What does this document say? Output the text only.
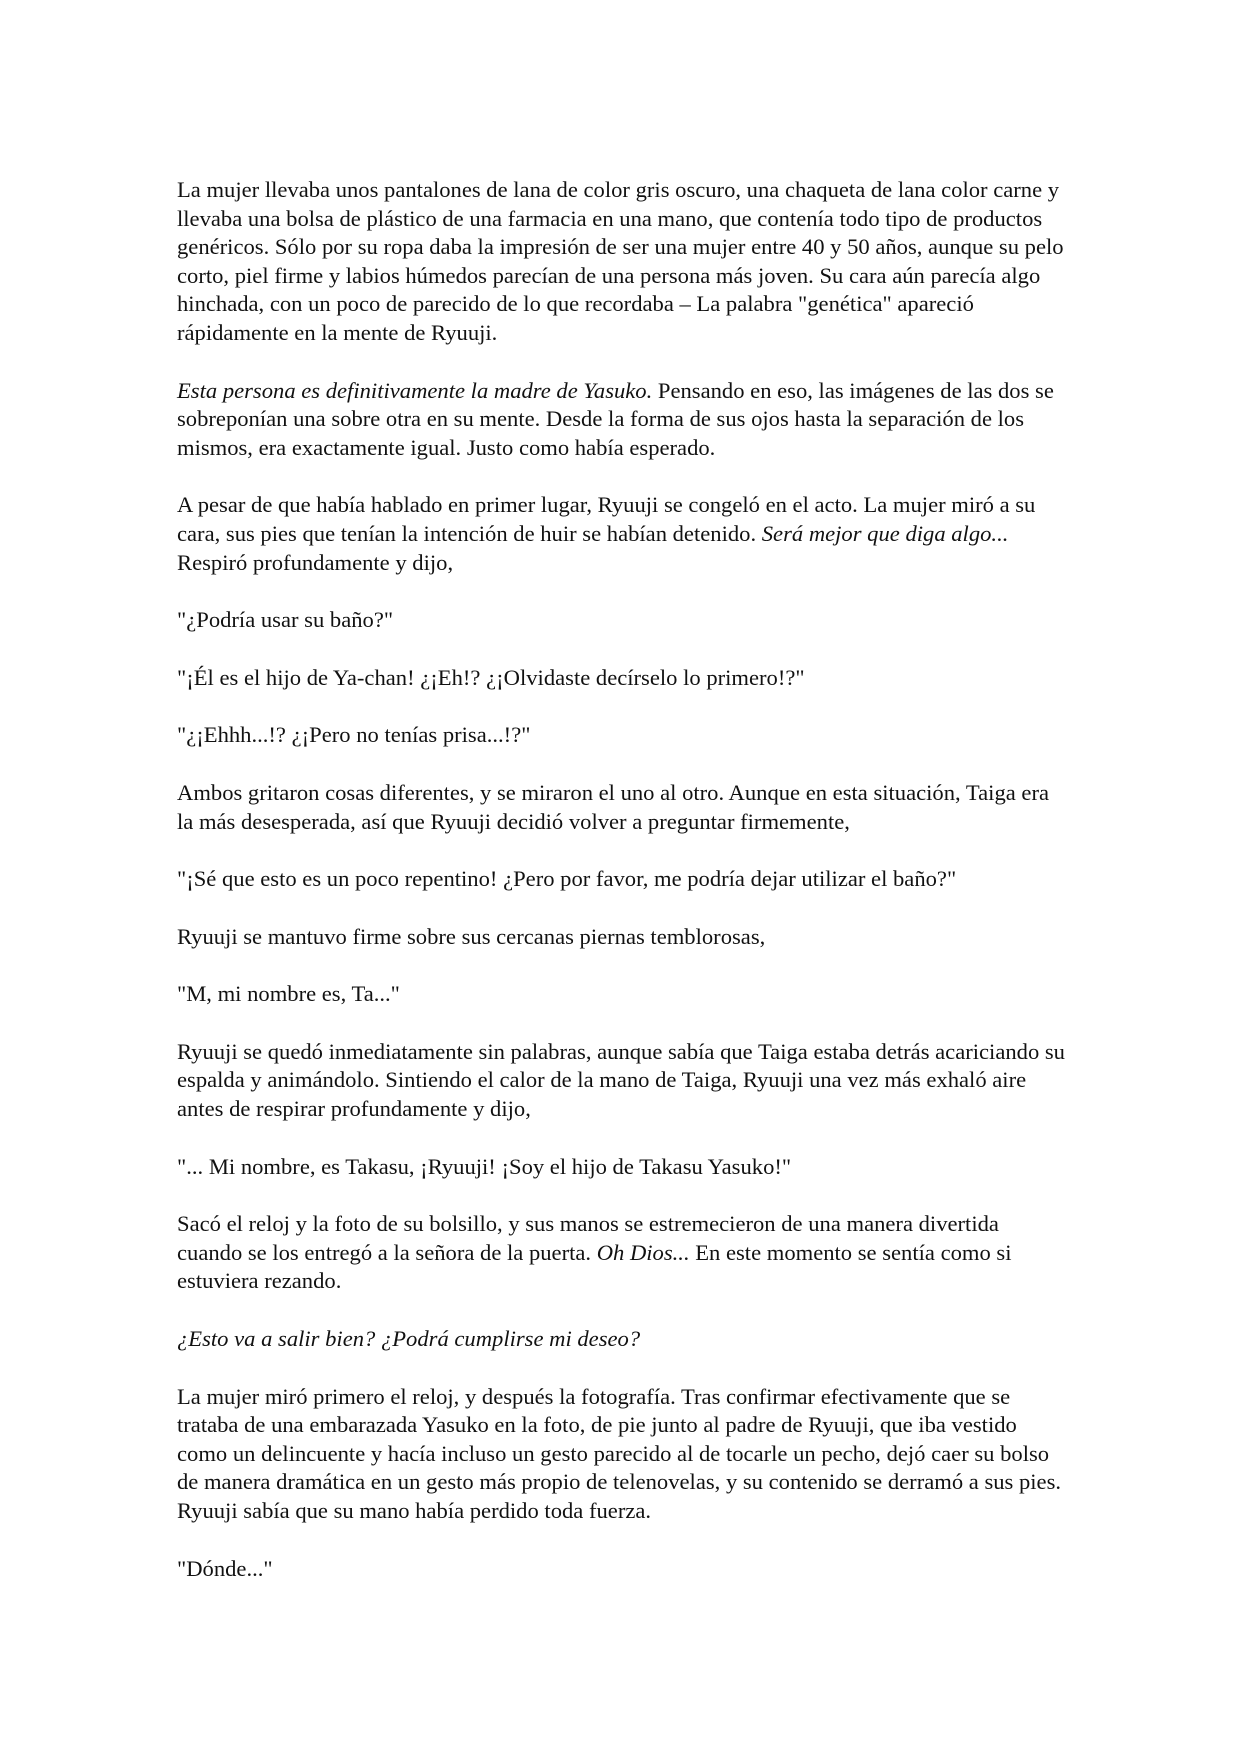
La mujer llevaba unos pantalones de lana de color gris oscuro, una chaqueta de lana color carne y llevaba una bolsa de plástico de una farmacia en una mano, que contenía todo tipo de productos genéricos. Sólo por su ropa daba la impresión de ser una mujer entre 40 y 50 años, aunque su pelo corto, piel firme y labios húmedos parecían de una persona más joven. Su cara aún parecía algo hinchada, con un poco de parecido de lo que recordaba – La palabra "genética" apareció rápidamente en la mente de Ryuuji.

Esta persona es definitivamente la madre de Yasuko. Pensando en eso, las imágenes de las dos se sobreponían una sobre otra en su mente. Desde la forma de sus ojos hasta la separación de los mismos, era exactamente igual. Justo como había esperado.

A pesar de que había hablado en primer lugar, Ryuuji se congeló en el acto. La mujer miró a su cara, sus pies que tenían la intención de huir se habían detenido. Será mejor que diga algo... Respiró profundamente y dijo,

"¿Podría usar su baño?"

"¡Él es el hijo de Ya-chan! ¿¡Eh!? ¿¡Olvidaste decírselo lo primero!?"

"¿¡Ehhh...!? ¿¡Pero no tenías prisa...!?"

Ambos gritaron cosas diferentes, y se miraron el uno al otro. Aunque en esta situación, Taiga era la más desesperada, así que Ryuuji decidió volver a preguntar firmemente,

"¡Sé que esto es un poco repentino! ¿Pero por favor, me podría dejar utilizar el baño?"

Ryuuji se mantuvo firme sobre sus cercanas piernas temblorosas,

"M, mi nombre es, Ta..."

Ryuuji se quedó inmediatamente sin palabras, aunque sabía que Taiga estaba detrás acariciando su espalda y animándolo. Sintiendo el calor de la mano de Taiga, Ryuuji una vez más exhaló aire antes de respirar profundamente y dijo,

"... Mi nombre, es Takasu, ¡Ryuuji! ¡Soy el hijo de Takasu Yasuko!"

Sacó el reloj y la foto de su bolsillo, y sus manos se estremecieron de una manera divertida cuando se los entregó a la señora de la puerta. Oh Dios... En este momento se sentía como si estuviera rezando.

¿Esto va a salir bien? ¿Podrá cumplirse mi deseo?

La mujer miró primero el reloj, y después la fotografía. Tras confirmar efectivamente que se trataba de una embarazada Yasuko en la foto, de pie junto al padre de Ryuuji, que iba vestido como un delincuente y hacía incluso un gesto parecido al de tocarle un pecho, dejó caer su bolso de manera dramática en un gesto más propio de telenovelas, y su contenido se derramó a sus pies. Ryuuji sabía que su mano había perdido toda fuerza.

"Dónde..."
